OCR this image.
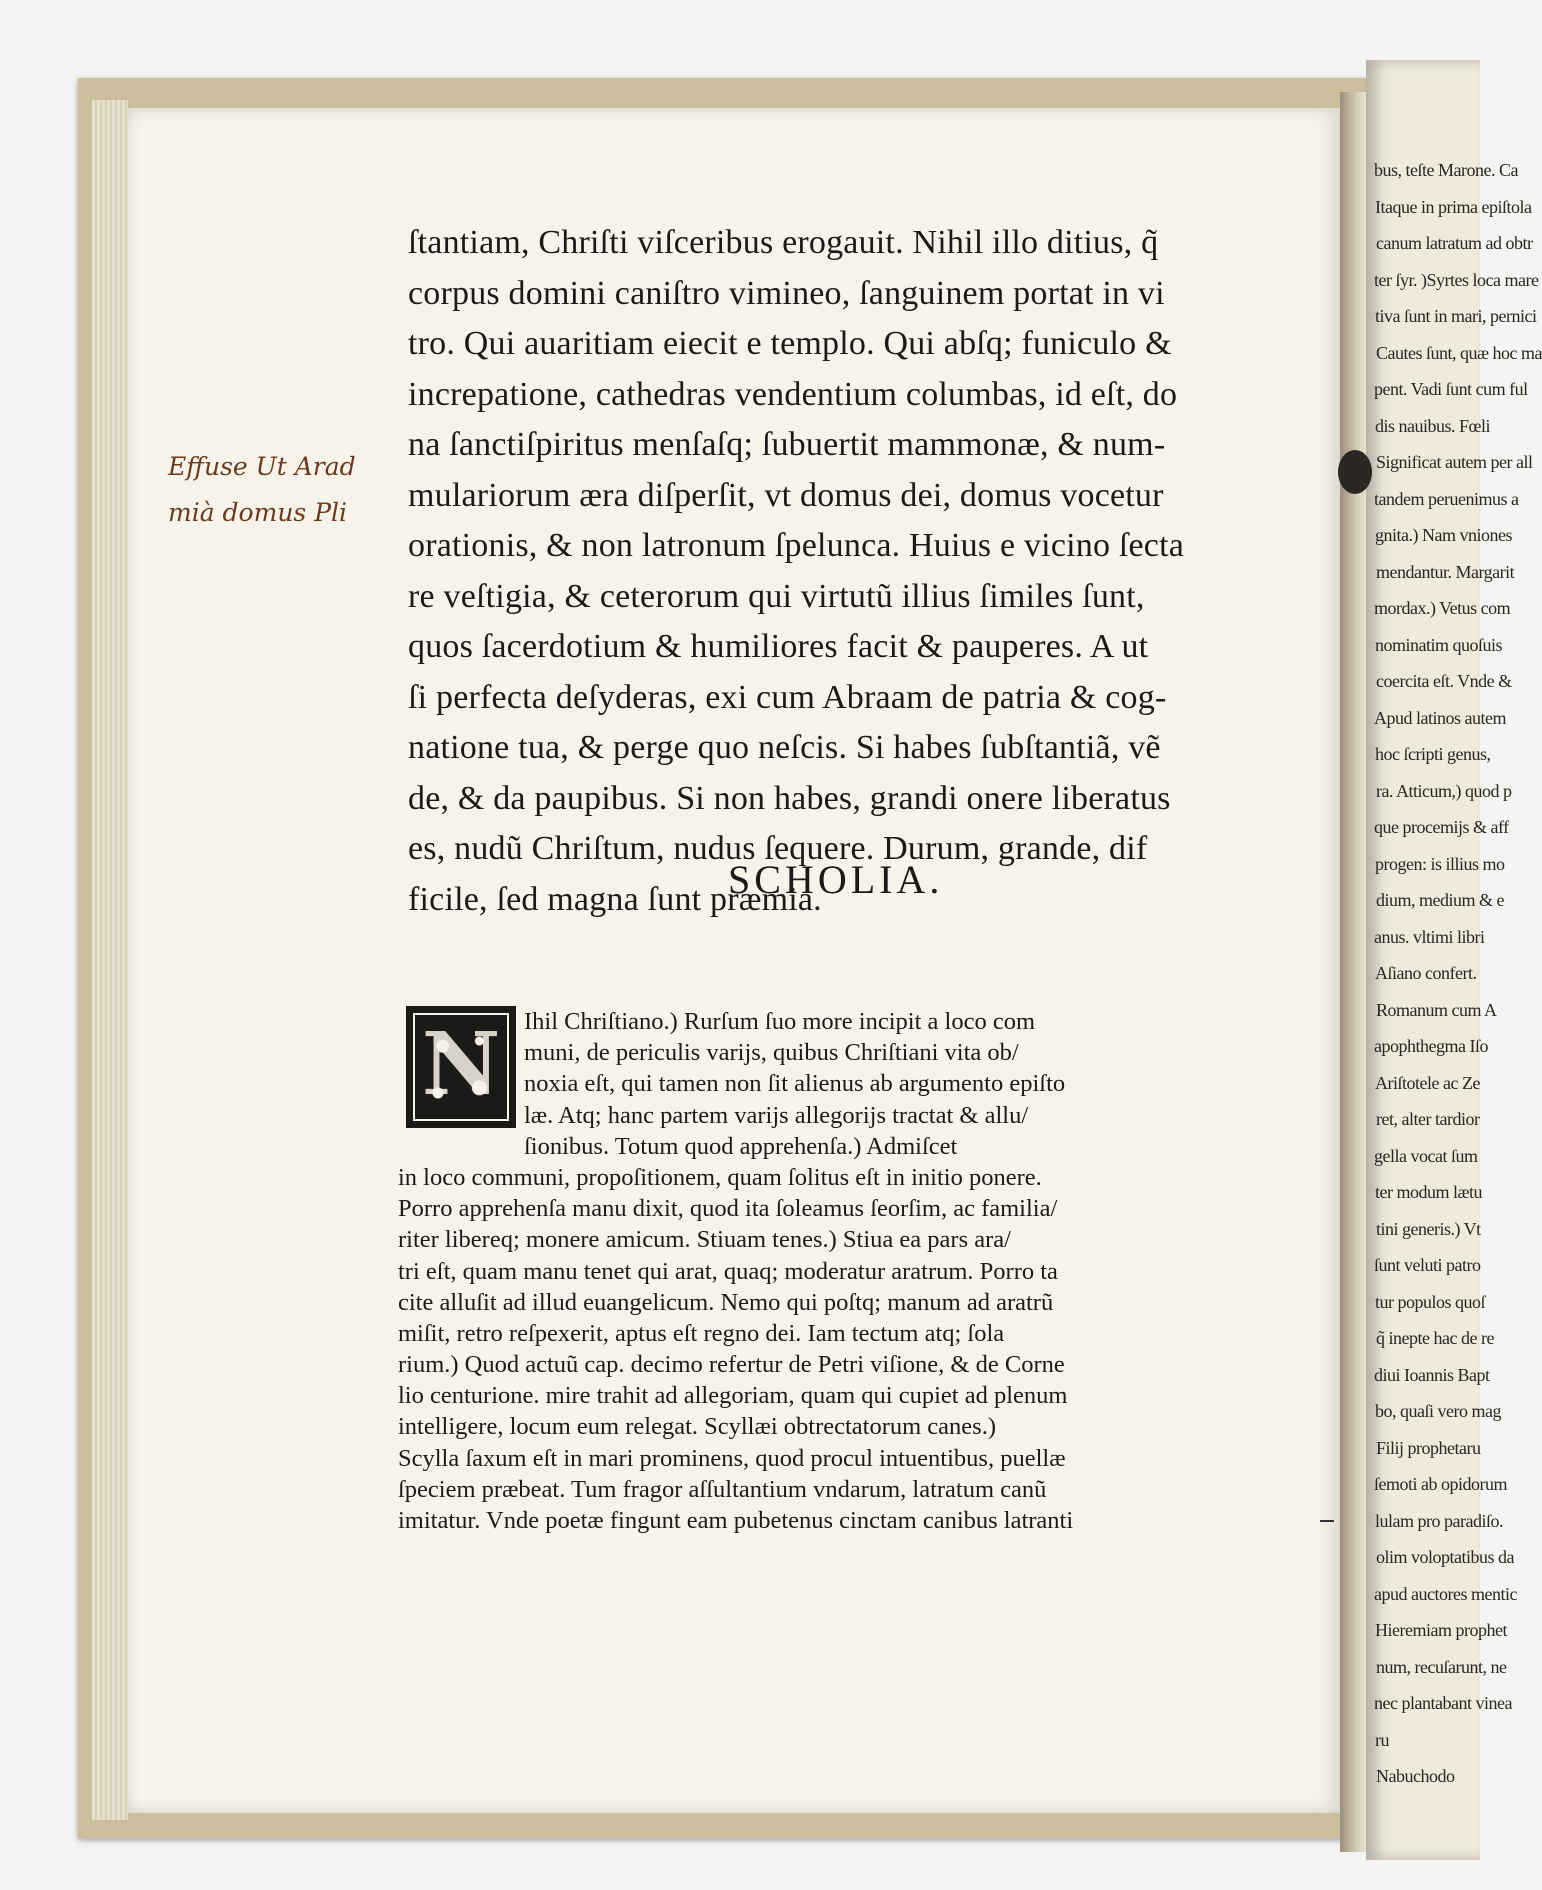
bus, teſte Marone. Ca
Itaque in prima epiſtola
canum latratum ad obtr
ter ſyr. )Syrtes loca mare
tiva ſunt in mari, pernici
Cautes ſunt, quæ hoc ma
pent. Vadi ſunt cum ful
dis nauibus. Fœli
Significat autem per all
tandem peruenimus a
gnita.) Nam vniones
mendantur. Margarit
mordax.) Vetus com
nominatim quoſuis
coercita eſt. Vnde &
Apud latinos autem
hoc ſcripti genus,
ra. Atticum,) quod p
que procemijs & aff
progen: is illius mo
dium, medium & e
anus. vltimi libri
Aſiano confert.
Romanum cum A
apophthegma Iſo
Ariſtotele ac Ze
ret, alter tardior
gella vocat ſum
ter modum lætu
tini generis.) Vt
ſunt veluti patro
tur populos quoſ
q̃ inepte hac de re
diui Ioannis Bapt
bo, quaſi vero mag
Filij prophetaru
ſemoti ab opidorum
lulam pro paradiſo.
olim voloptatibus da
apud auctores mentic
Hieremiam prophet
num, recuſarunt, ne
nec plantabant vinea
ru
Nabuchodo
Effuse Ut Arad
mià domus Pli
ſtantiam, Chriſti viſceribus erogauit. Nihil illo ditius, q̃
corpus domini caniſtro vimineo, ſanguinem portat in vi
tro. Qui auaritiam eiecit e templo. Qui abſq; funiculo &
increpatione, cathedras vendentium columbas, id eſt, do
na ſanctiſpiritus menſaſq; ſubuertit mammonæ, & num-
mulariorum æra diſperſit, vt domus dei, domus vocetur
orationis, & non latronum ſpelunca. Huius e vicino ſecta
re veſtigia, & ceterorum qui virtutũ illius ſimiles ſunt,
quos ſacerdotium & humiliores facit & pauperes. A ut
ſi perfecta deſyderas, exi cum Abraam de patria & cog-
natione tua, & perge quo neſcis. Si habes ſubſtantiã, vẽ
de, & da paupibus. Si non habes, grandi onere liberatus
es, nudũ Chriſtum, nudus ſequere. Durum, grande, dif
ficile, ſed magna ſunt præmia.
SCHOLIA.
N Ihil Chriſtiano.) Rurſum ſuo more incipit a loco com
muni, de periculis varijs, quibus Chriſtiani vita ob/
noxia eſt, qui tamen non ſit alienus ab argumento epiſto
læ. Atq; hanc partem varijs allegorijs tractat & allu/
ſionibus. Totum quod apprehenſa.) Admiſcet
in loco communi, propoſitionem, quam ſolitus eſt in initio ponere.
Porro apprehenſa manu dixit, quod ita ſoleamus ſeorſim, ac familia/
riter libereq; monere amicum. Stiuam tenes.) Stiua ea pars ara/
tri eſt, quam manu tenet qui arat, quaq; moderatur aratrum. Porro ta
cite alluſit ad illud euangelicum. Nemo qui poſtq; manum ad aratrũ
miſit, retro reſpexerit, aptus eſt regno dei. Iam tectum atq; ſola
rium.) Quod actuũ cap. decimo refertur de Petri viſione, & de Corne
lio centurione. mire trahit ad allegoriam, quam qui cupiet ad plenum
intelligere, locum eum relegat. Scyllæi obtrectatorum canes.)
Scylla ſaxum eſt in mari prominens, quod procul intuentibus, puellæ
ſpeciem præbeat. Tum fragor aſſultantium vndarum, latratum canũ
imitatur. Vnde poetæ fingunt eam pubetenus cinctam canibus latranti
